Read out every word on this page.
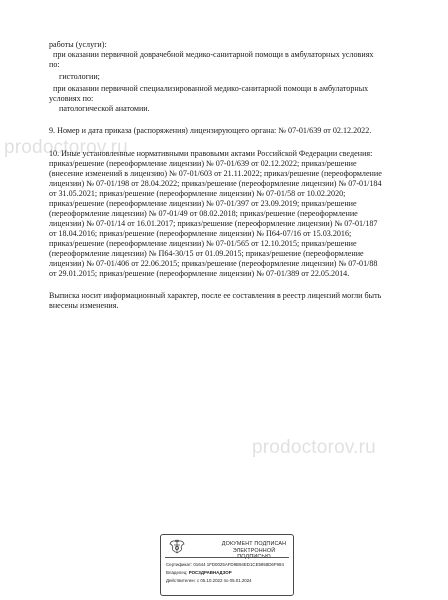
работы (услуги):
при оказании первичной доврачебной медико-санитарной помощи в амбулаторных условиях
по:
гистологии;
при оказании первичной специализированной медико-санитарной помощи в амбулаторных
условиях по:
патологической анатомии.
9. Номер и дата приказа (распоряжения) лицензирующего органа: № 07-01/639 от 02.12.2022.
prodoctorov.ru
10. Иные установленные нормативными правовыми актами Российской Федерации сведения:
приказ/решение (переоформление лицензии) № 07-01/639 от 02.12.2022; приказ/решение
(внесение изменений в лицензию) № 07-01/603 от 21.11.2022; приказ/решение (переоформление
лицензии) № 07-01/198 от 28.04.2022; приказ/решение (переоформление лицензии) № 07-01/184
от 31.05.2021; приказ/решение (переоформление лицензии) № 07-01/58 от 10.02.2020;
приказ/решение (переоформление лицензии) № 07-01/397 от 23.09.2019; приказ/решение
(переоформление лицензии) № 07-01/49 от 08.02.2018; приказ/решение (переоформление
лицензии) № 07-01/14 от 16.01.2017; приказ/решение (переоформление лицензии) № 07-01/187
от 18.04.2016; приказ/решение (переоформление лицензии) № П64-07/16 от 15.03.2016;
приказ/решение (переоформление лицензии) № 07-01/565 от 12.10.2015; приказ/решение
(переоформление лицензии) № П64-30/15 от 01.09.2015; приказ/решение (переоформление
лицензии) № 07-01/406 от 22.06.2015; приказ/решение (переоформление лицензии) № 07-01/88
от 29.01.2015; приказ/решение (переоформление лицензии) № 07-01/389 от 22.05.2014.
Выписка носит информационный характер, после ее составления в реестр лицензий могли быть
внесены изменения.
prodoctorov.ru
ДОКУМЕНТ ПОДПИСАН
ЭЛЕКТРОННОЙ ПОДПИСЬЮ
Сертификат: 01644 1FD0025AFD9B94ED1CE5958D6F984
Владелец: РОСЗДРАВНАДЗОР
Действителен: с 05.10.2022 по 05.01.2024
